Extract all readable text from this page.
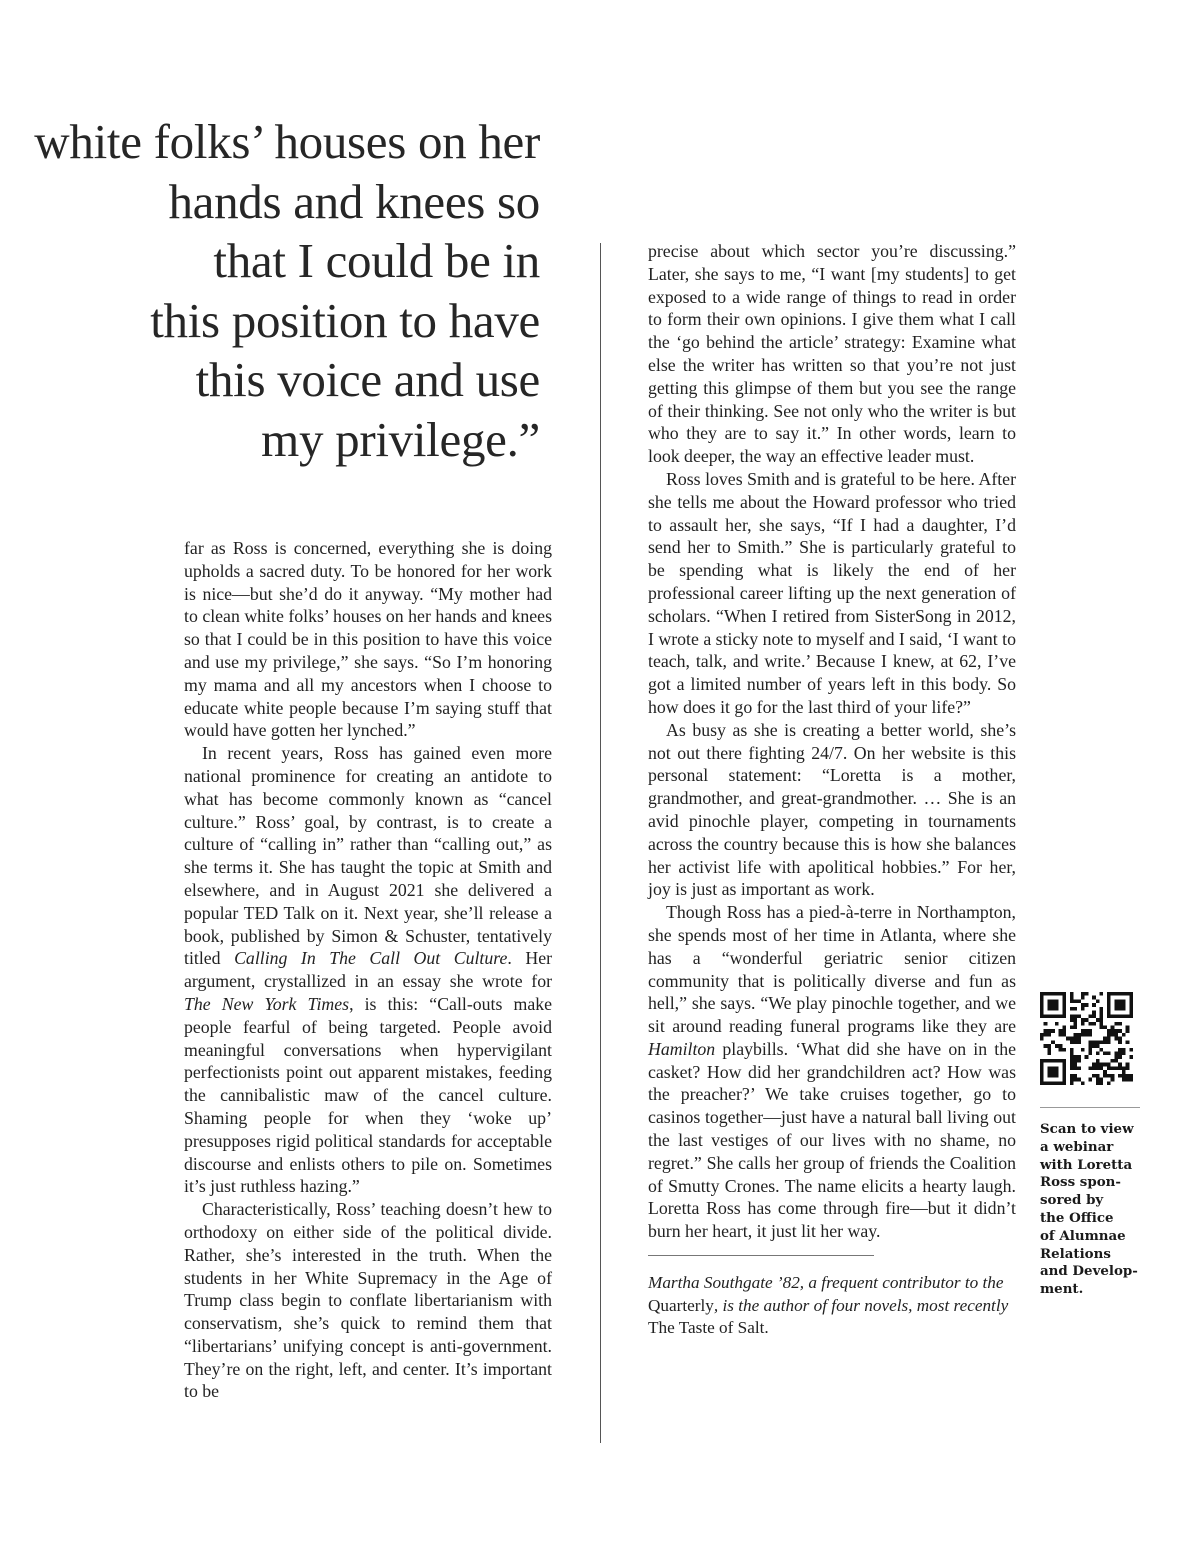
white folks’ houses on her
hands and knees so
that I could be in
this position to have
this voice and use
my privilege.”

far as Ross is concerned, everything she is doing upholds a sacred duty. To be honored for her work is nice—but she’d do it anyway. “My mother had to clean white folks’ houses on her hands and knees so that I could be in this position to have this voice and use my privilege,” she says. “So I’m honoring my mama and all my ancestors when I choose to educate white people because I’m saying stuff that would have gotten her lynched.”

In recent years, Ross has gained even more national prominence for creating an antidote to what has become commonly known as “cancel culture.” Ross’ goal, by contrast, is to create a culture of “calling in” rather than “calling out,” as she terms it. She has taught the topic at Smith and elsewhere, and in August 2021 she delivered a popular TED Talk on it. Next year, she’ll release a book, published by Simon & Schuster, tentatively titled Calling In The Call Out Culture. Her argument, crystallized in an essay she wrote for The New York Times, is this: “Call-outs make people fearful of being targeted. People avoid meaningful conversations when hypervigilant perfectionists point out apparent mistakes, feeding the cannibalistic maw of the cancel culture. Shaming people for when they ‘woke up’ presupposes rigid political standards for acceptable discourse and enlists others to pile on. Sometimes it’s just ruthless hazing.”

Characteristically, Ross’ teaching doesn’t hew to orthodoxy on either side of the political divide. Rather, she’s interested in the truth. When the students in her White Supremacy in the Age of Trump class begin to conflate libertarianism with conservatism, she’s quick to remind them that “libertarians’ unifying concept is anti-government. They’re on the right, left, and center. It’s important to be

precise about which sector you’re discussing.” Later, she says to me, “I want [my students] to get exposed to a wide range of things to read in order to form their own opinions. I give them what I call the ‘go behind the article’ strategy: Examine what else the writer has written so that you’re not just getting this glimpse of them but you see the range of their thinking. See not only who the writer is but who they are to say it.” In other words, learn to look deeper, the way an effective leader must.

Ross loves Smith and is grateful to be here. After she tells me about the Howard professor who tried to assault her, she says, “If I had a daughter, I’d send her to Smith.” She is particularly grateful to be spending what is likely the end of her professional career lifting up the next generation of scholars. “When I retired from SisterSong in 2012, I wrote a sticky note to myself and I said, ‘I want to teach, talk, and write.’ Because I knew, at 62, I’ve got a limited number of years left in this body. So how does it go for the last third of your life?”

As busy as she is creating a better world, she’s not out there fighting 24/7. On her website is this personal statement: “Loretta is a mother, grandmother, and great-grandmother. … She is an avid pinochle player, competing in tournaments across the country because this is how she balances her activist life with apolitical hobbies.” For her, joy is just as important as work.

Though Ross has a pied-à-terre in Northampton, she spends most of her time in Atlanta, where she has a “wonderful geriatric senior citizen community that is politically diverse and fun as hell,” she says. “We play pinochle together, and we sit around reading funeral programs like they are Hamilton playbills. ‘What did she have on in the casket? How did her grandchildren act? How was the preacher?’ We take cruises together, go to casinos together—just have a natural ball living out the last vestiges of our lives with no shame, no regret.” She calls her group of friends the Coalition of Smutty Crones. The name elicits a hearty laugh. Loretta Ross has come through fire—but it didn’t burn her heart, it just lit her way.

Martha Southgate ’82, a frequent contributor to the Quarterly, is the author of four novels, most recently The Taste of Salt.

Scan to view
a webinar
with Loretta
Ross spon-
sored by
the Office
of Alumnae
Relations
and Develop-
ment.
